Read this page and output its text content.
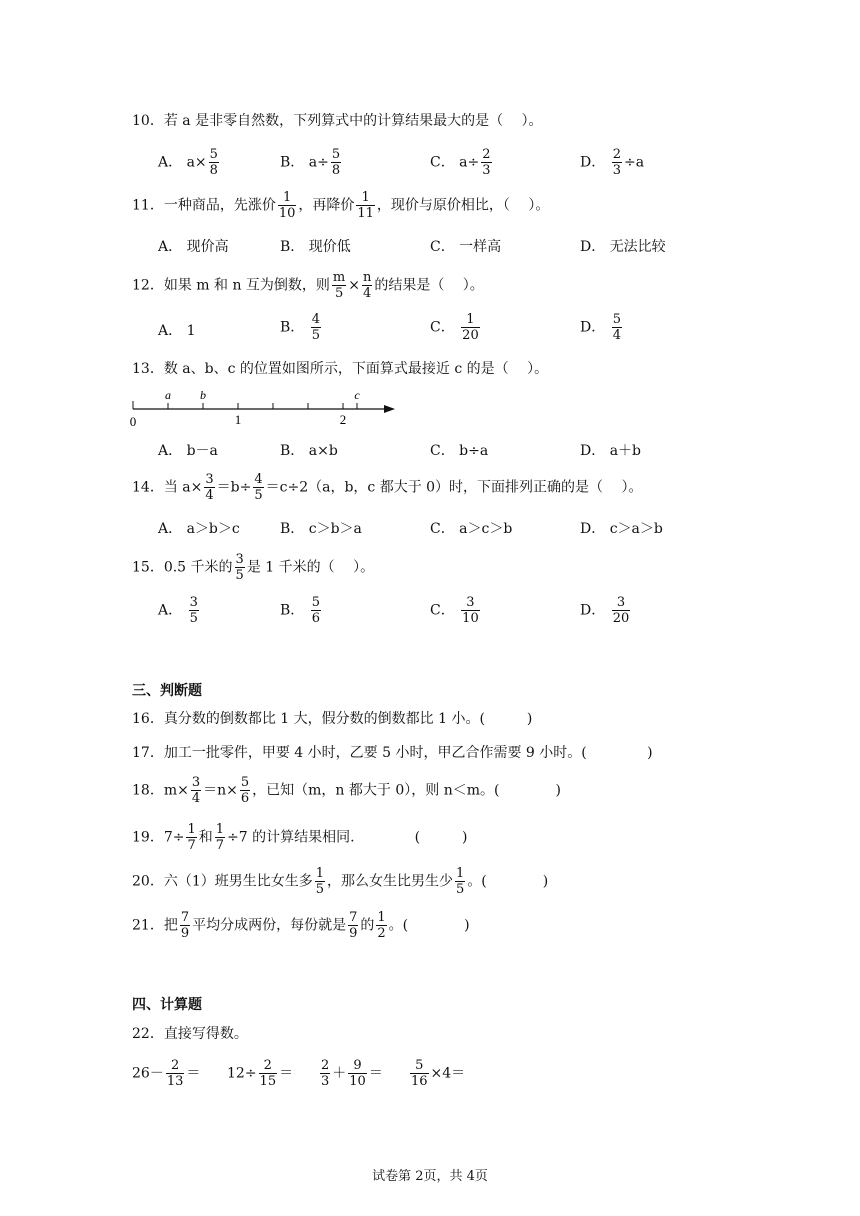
10．若 a 是非零自然数，下列算式中的计算结果最大的是（　 ）。
A． $a\times \frac{5}{8}$	B． $a\div \frac{5}{8}$	C． $a\div \frac{2}{3}$	D． $\frac{2}{3} \div a$
11．一种商品，先涨价 $\frac{1}{10}$ ，再降价 $\frac{1}{11}$ ，现价与原价相比，（　 ）。
A． 现价高	B． 现价低	C． 一样高	D． 无法比较
12．如果 m 和 n 互为倒数，则 $\frac{m}{5} \times \frac{n}{4}$ 的结果是（　 ）。
A． 1	B． $\frac{4}{5}$	C． $\frac{1}{20}$	D． $\frac{5}{4}$
13．数 a、b、c 的位置如图所示，下面算式最接近 c 的是（　 ）。
a b	c
0	1	2
A． b－a	B． a×b	C． b÷a	D． a＋b
14．当 $a\times \frac{3}{4} =b\div \frac{4}{5} =c\div 2(a$，b，c 都大于 0）时，下面排列正确的是（　 ）。
A． a＞b＞c	B． c＞b＞a	C． a＞c＞b	D． c＞a＞b
15．0.5 千米的 $\frac{3}{5}$ 是 1 千米的（　 ）。
A． $\frac{3}{5}$	B． $\frac{5}{6}$	C． $\frac{3}{10}$	D． $\frac{3}{20}$
三、判断题
16．真分数的倒数都比 1 大，假分数的倒数都比 1 小。(　　　)
17．加工一批零件，甲要 4 小时，乙要 5 小时，甲乙合作需要 9 小时。(　　　　 )
18．$m\times \frac{3}{4} =n\times \frac{5}{6}$ ，已知（m，n 都大于 0），则 n＜m。(　　　　)
19．$7\div \frac{1}{7}$ 和 $\frac{1}{7} \div 7$ 的计算结果相同.	(　　　)
20．六（1）班男生比女生多 $\frac{1}{5}$ ，那么女生比男生少 $\frac{1}{5}$ 。(　　　　)
21．把 $\frac{7}{9}$ 平均分成两份，每份就是 $\frac{7}{9}$ 的 $\frac{1}{2}$ 。(　　　　)
四、计算题
22．直接写得数。
$26- \frac{2}{13} = 12\div \frac{2}{15} = \frac{2}{3} + \frac{9}{10} = \frac{5}{16} \times 4=$
试卷第 2页，共 4页
